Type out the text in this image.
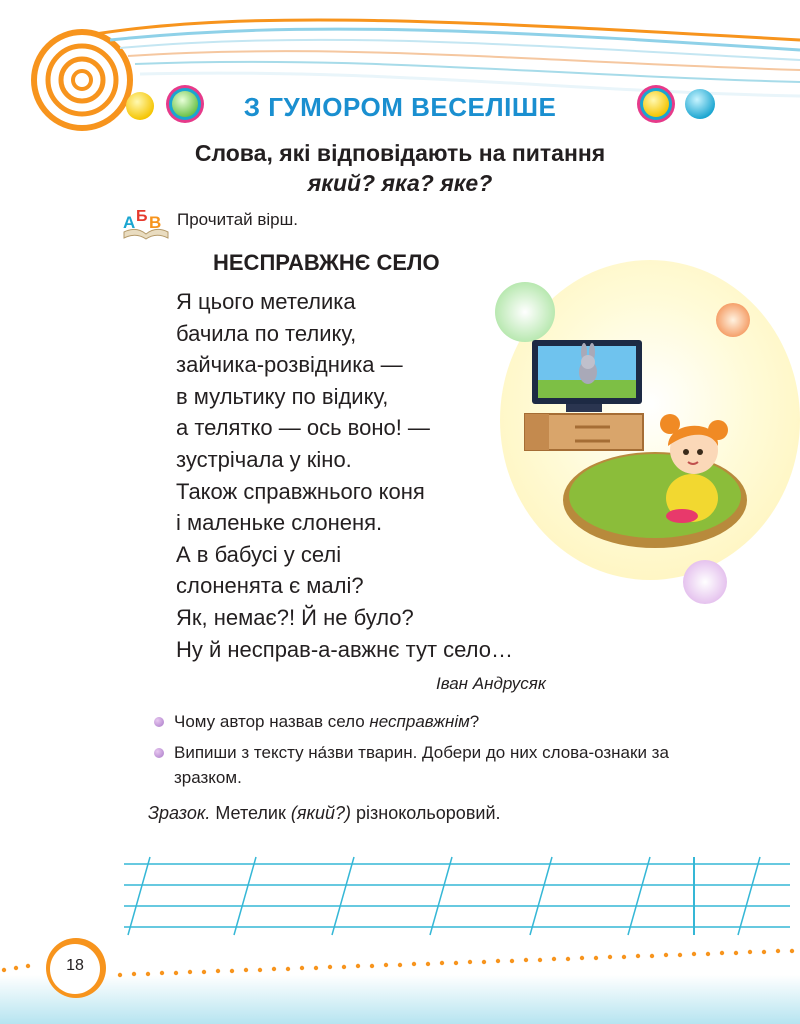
З ГУМОРОМ ВЕСЕЛІШЕ
Слова, які відповідають на питання
який? яка? яке?
А Б В Прочитай вірш.
НЕСПРАВЖНЄ СЕЛО
Я цього метелика
бачила по телику,
зайчика-розвідника —
в мультику по відику,
а телятко — ось воно! —
зустрічала у кіно.
Також справжнього коня
і маленьке слоненя.
А в бабусі у селі
слоненята є малі?
Як, немає?! Й не було?
Ну й несправ-а-авжнє тут село…
Іван Андрусяк
Чому автор назвав село несправжнім?
Випиши з тексту на́зви тварин. Добери до них слова-ознаки за зразком.
Зразок. Метелик (який?) різнокольоровий.
18
